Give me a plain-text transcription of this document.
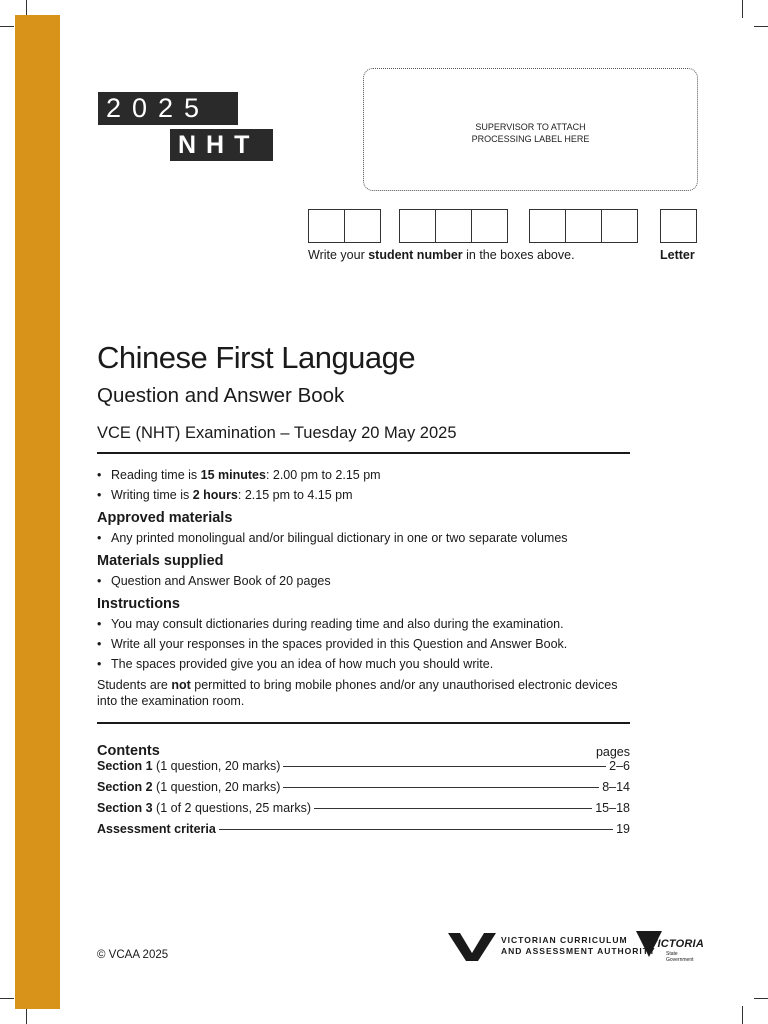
2025
NHT
SUPERVISOR TO ATTACH
PROCESSING LABEL HERE
Write your student number in the boxes above.	Letter
Chinese First Language
Question and Answer Book
VCE (NHT) Examination – Tuesday 20 May 2025
• Reading time is 15 minutes: 2.00 pm to 2.15 pm
• Writing time is 2 hours: 2.15 pm to 4.15 pm
Approved materials
• Any printed monolingual and/or bilingual dictionary in one or two separate volumes
Materials supplied
• Question and Answer Book of 20 pages
Instructions
• You may consult dictionaries during reading time and also during the examination.
• Write all your responses in the spaces provided in this Question and Answer Book.
• The spaces provided give you an idea of how much you should write.
Students are not permitted to bring mobile phones and/or any unauthorised electronic devices into the examination room.
Contents	pages
Section 1 (1 question, 20 marks)	2–6
Section 2 (1 question, 20 marks)	8–14
Section 3 (1 of 2 questions, 25 marks)	15–18
Assessment criteria	19
© VCAA 2025
VICTORIAN CURRICULUM
AND ASSESSMENT AUTHORITY
VICTORIA
State
Government
